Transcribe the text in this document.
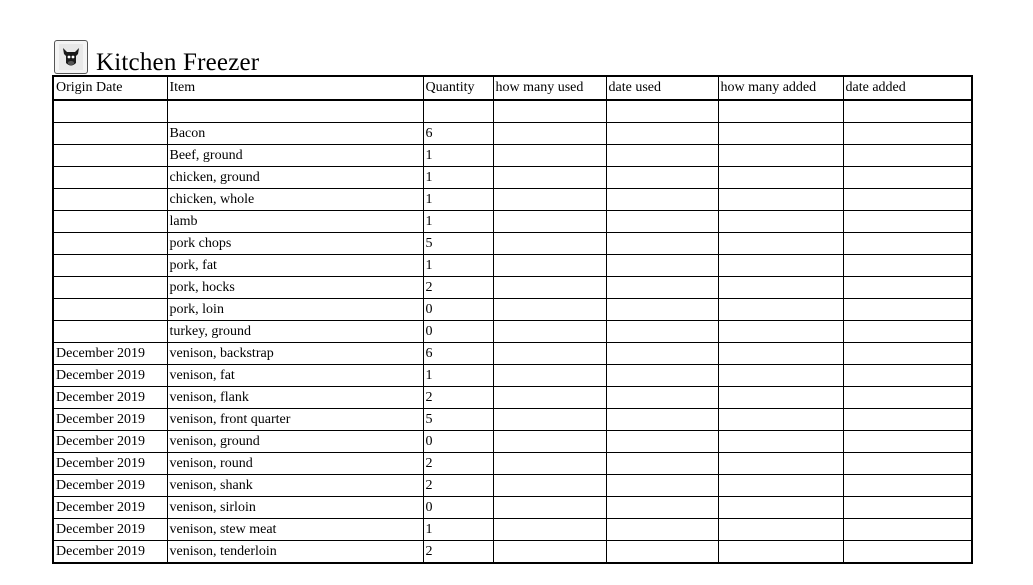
Kitchen Freezer
Origin Date	Item	Quantity	how many used	date used	how many added	date added

	Bacon	6				
	Beef, ground	1				
	chicken, ground	1				
	chicken, whole	1				
	lamb	1				
	pork chops	5				
	pork, fat	1				
	pork, hocks	2				
	pork, loin	0				
	turkey, ground	0				
December 2019	venison, backstrap	6				
December 2019	venison, fat	1				
December 2019	venison, flank	2				
December 2019	venison, front quarter	5				
December 2019	venison, ground	0				
December 2019	venison, round	2				
December 2019	venison, shank	2				
December 2019	venison, sirloin	0				
December 2019	venison, stew meat	1				
December 2019	venison, tenderloin	2				
